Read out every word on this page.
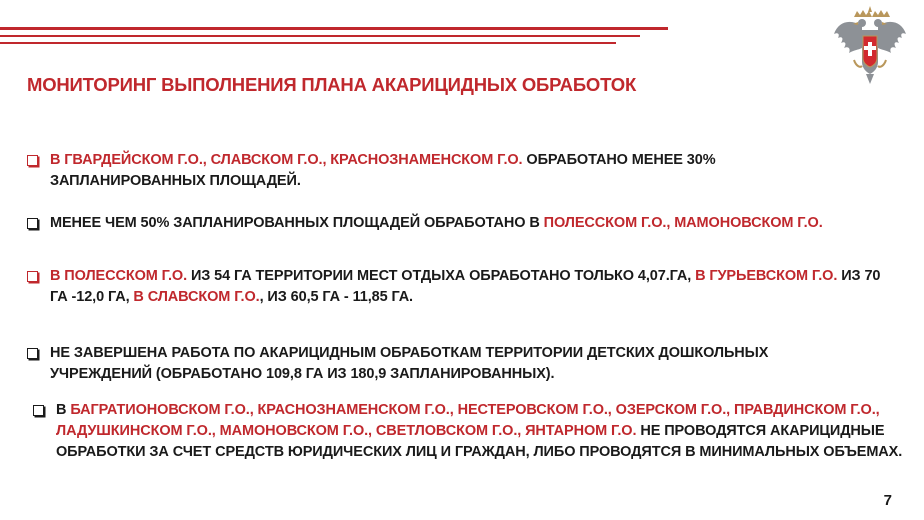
МОНИТОРИНГ ВЫПОЛНЕНИЯ ПЛАНА АКАРИЦИДНЫХ ОБРАБОТОК
В ГВАРДЕЙСКОМ Г.О., СЛАВСКОМ Г.О., КРАСНОЗНАМЕНСКОМ Г.О. ОБРАБОТАНО МЕНЕЕ 30% ЗАПЛАНИРОВАННЫХ ПЛОЩАДЕЙ.
МЕНЕЕ ЧЕМ 50% ЗАПЛАНИРОВАННЫХ ПЛОЩАДЕЙ ОБРАБОТАНО В ПОЛЕССКОМ Г.О., МАМОНОВСКОМ Г.О.
В ПОЛЕССКОМ Г.О. ИЗ 54 ГА ТЕРРИТОРИИ МЕСТ ОТДЫХА ОБРАБОТАНО ТОЛЬКО 4,07.ГА, В ГУРЬЕВСКОМ Г.О. ИЗ 70 ГА -12,0 ГА, В СЛАВСКОМ Г.О., ИЗ 60,5 ГА - 11,85 ГА.
НЕ ЗАВЕРШЕНА РАБОТА ПО АКАРИЦИДНЫМ ОБРАБОТКАМ ТЕРРИТОРИИ ДЕТСКИХ ДОШКОЛЬНЫХ УЧРЕЖДЕНИЙ (ОБРАБОТАНО 109,8 ГА ИЗ 180,9 ЗАПЛАНИРОВАННЫХ).
В БАГРАТИОНОВСКОМ Г.О., КРАСНОЗНАМЕНСКОМ Г.О., НЕСТЕРОВСКОМ Г.О., ОЗЕРСКОМ Г.О., ПРАВДИНСКОМ Г.О., ЛАДУШКИНСКОМ Г.О., МАМОНОВСКОМ Г.О., СВЕТЛОВСКОМ Г.О., ЯНТАРНОМ Г.О. НЕ ПРОВОДЯТСЯ АКАРИЦИДНЫЕ ОБРАБОТКИ ЗА СЧЕТ СРЕДСТВ ЮРИДИЧЕСКИХ ЛИЦ И ГРАЖДАН, ЛИБО ПРОВОДЯТСЯ В МИНИМАЛЬНЫХ ОБЪЕМАХ.
7
